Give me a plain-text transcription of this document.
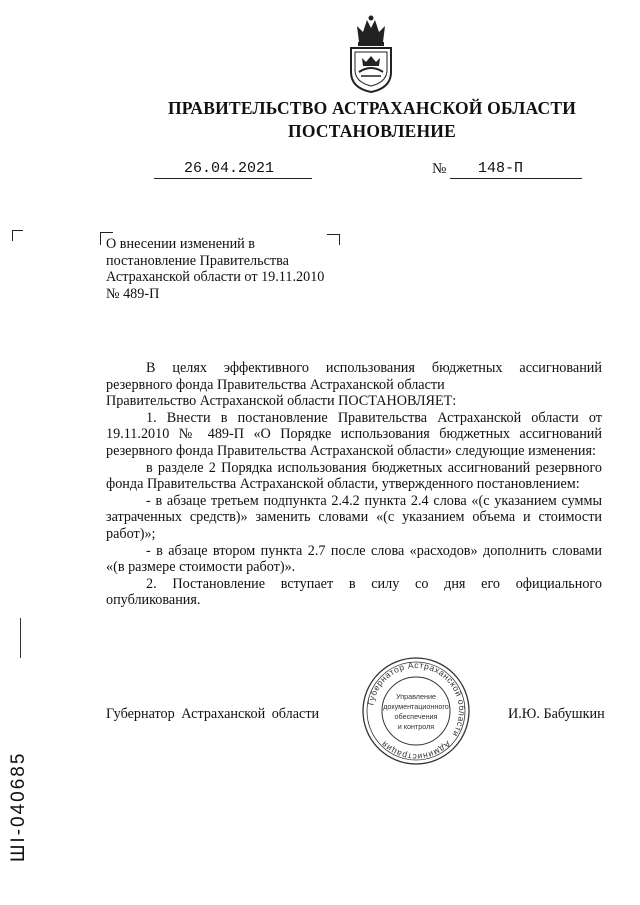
ПРАВИТЕЛЬСТВО АСТРАХАНСКОЙ ОБЛАСТИ
ПОСТАНОВЛЕНИЕ
26.04.2021	№ 148-П
О внесении изменений в постановление Правительства Астраханской области от 19.11.2010 № 489-П

В целях эффективного использования бюджетных ассигнований резервного фонда Правительства Астраханской области

Правительство Астраханской области ПОСТАНОВЛЯЕТ:

1. Внести в постановление Правительства Астраханской области от 19.11.2010 № 489-П «О Порядке использования бюджетных ассигнований резервного фонда Правительства Астраханской области» следующие изменения:

в разделе 2 Порядка использования бюджетных ассигнований резервного фонда Правительства Астраханской области, утвержденного постановлением:

- в абзаце третьем подпункта 2.4.2 пункта 2.4 слова «(с указанием суммы затраченных средств)» заменить словами «(с указанием объема и стоимости работ)»;

- в абзаце втором пункта 2.7 после слова «расходов» дополнить словами «(в размере стоимости работ)».

2. Постановление вступает в силу со дня его официального опубликования.

Губернатор Астраханской области	И.Ю. Бабушкин
Губернатор Астраханской области
Администрация
Управление
документационного
обеспечения
и контроля
ШI-040685
